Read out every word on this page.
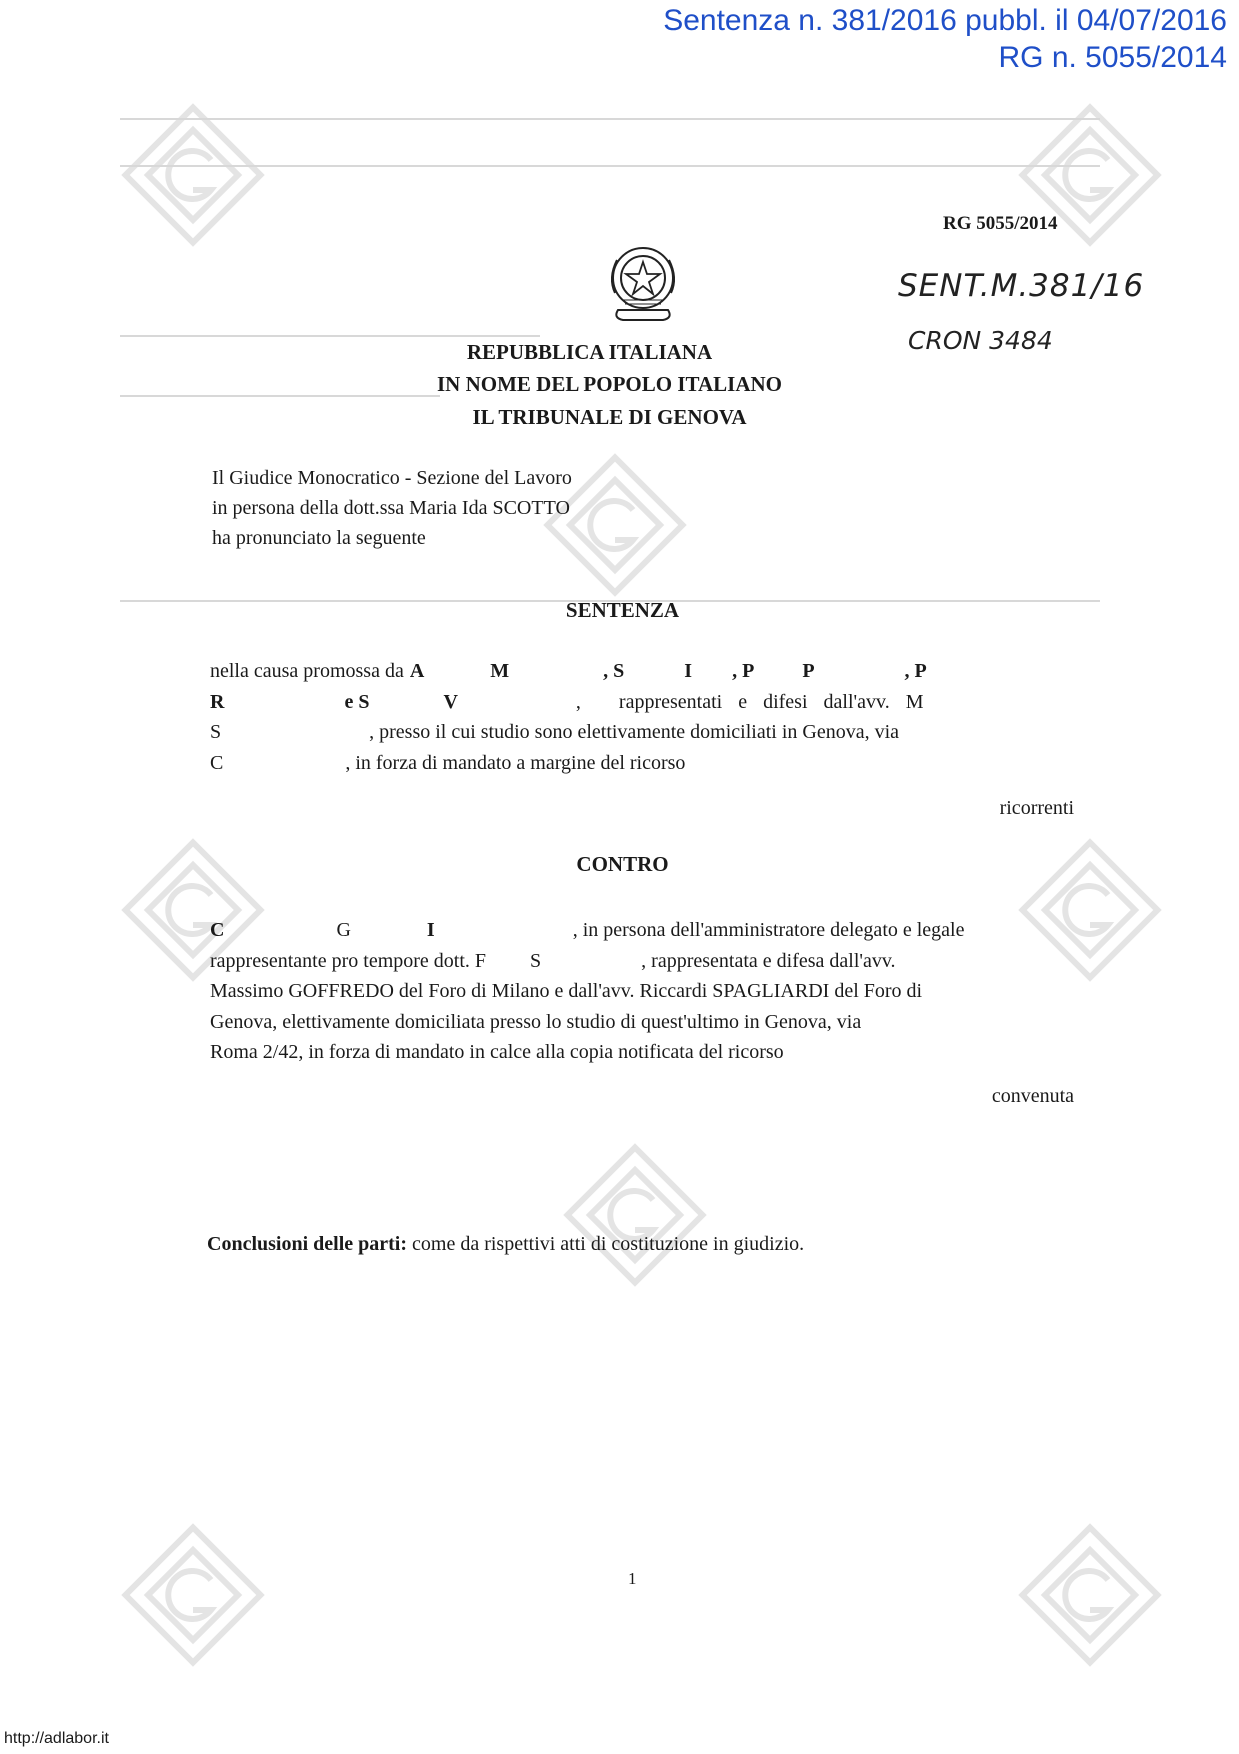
Sentenza n. 381/2016 pubbl. il 04/07/2016
RG n. 5055/2014
RG 5055/2014
SENT.M.381/16
CRON 3484
REPUBBLICA ITALIANA
IN NOME DEL POPOLO ITALIANO
IL TRIBUNALE DI GENOVA
Il Giudice Monocratico - Sezione del Lavoro
in persona della dott.ssa Maria Ida SCOTTO
ha pronunciato la seguente
SENTENZA
nella causa promossa da A	M	, S	I , P P	, P
R	e S	V	, rappresentati e difesi dall'avv. M
S	, presso il cui studio sono elettivamente domiciliati in Genova, via
C	, in forza di mandato a margine del ricorso
ricorrenti
CONTRO
C	G	I	, in persona dell'amministratore delegato e legale
rappresentante pro tempore dott. F S	, rappresentata e difesa dall'avv.
Massimo GOFFREDO del Foro di Milano e dall'avv. Riccardi SPAGLIARDI del Foro di
Genova, elettivamente domiciliata presso lo studio di quest'ultimo in Genova, via
Roma 2/42, in forza di mandato in calce alla copia notificata del ricorso
convenuta
Conclusioni delle parti: come da rispettivi atti di costituzione in giudizio.
1
http://adlabor.it
